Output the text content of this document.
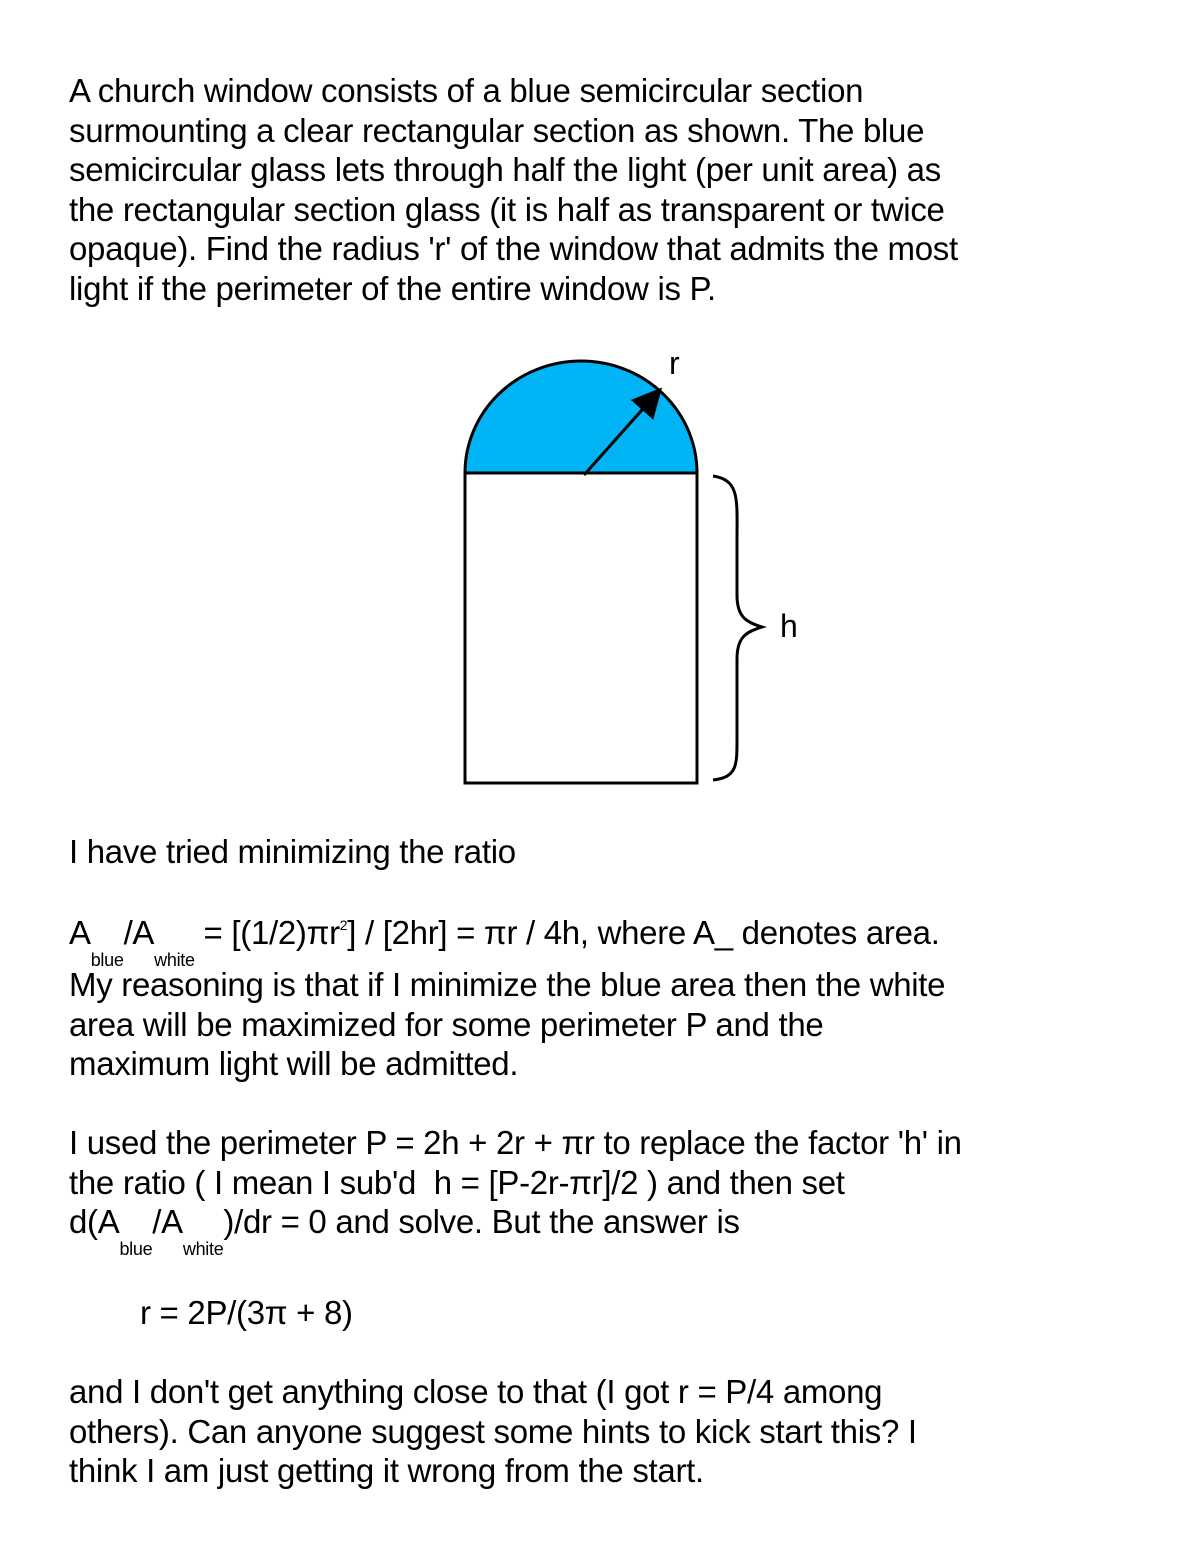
A church window consists of a blue semicircular section
surmounting a clear rectangular section as shown. The blue
semicircular glass lets through half the light (per unit area) as
the rectangular section glass (it is half as transparent or twice
opaque). Find the radius 'r' of the window that admits the most
light if the perimeter of the entire window is P.
r
h
I have tried minimizing the ratio
$A_{blue}/A_{white} = [(1/2)\pi r^2] / [2hr] = \pi r / 4h$, where A_ denotes area.
My reasoning is that if I minimize the blue area then the white
area will be maximized for some perimeter P and the
maximum light will be admitted.
I used the perimeter P = 2h + 2r + πr to replace the factor 'h' in
the ratio ( I mean I sub'd  h = [P-2r-πr]/2 ) and then set
$d(A_{blue}/A_{white})/dr = 0$ and solve. But the answer is
r = 2P/(3π + 8)
and I don't get anything close to that (I got r = P/4 among
others). Can anyone suggest some hints to kick start this? I
think I am just getting it wrong from the start.
